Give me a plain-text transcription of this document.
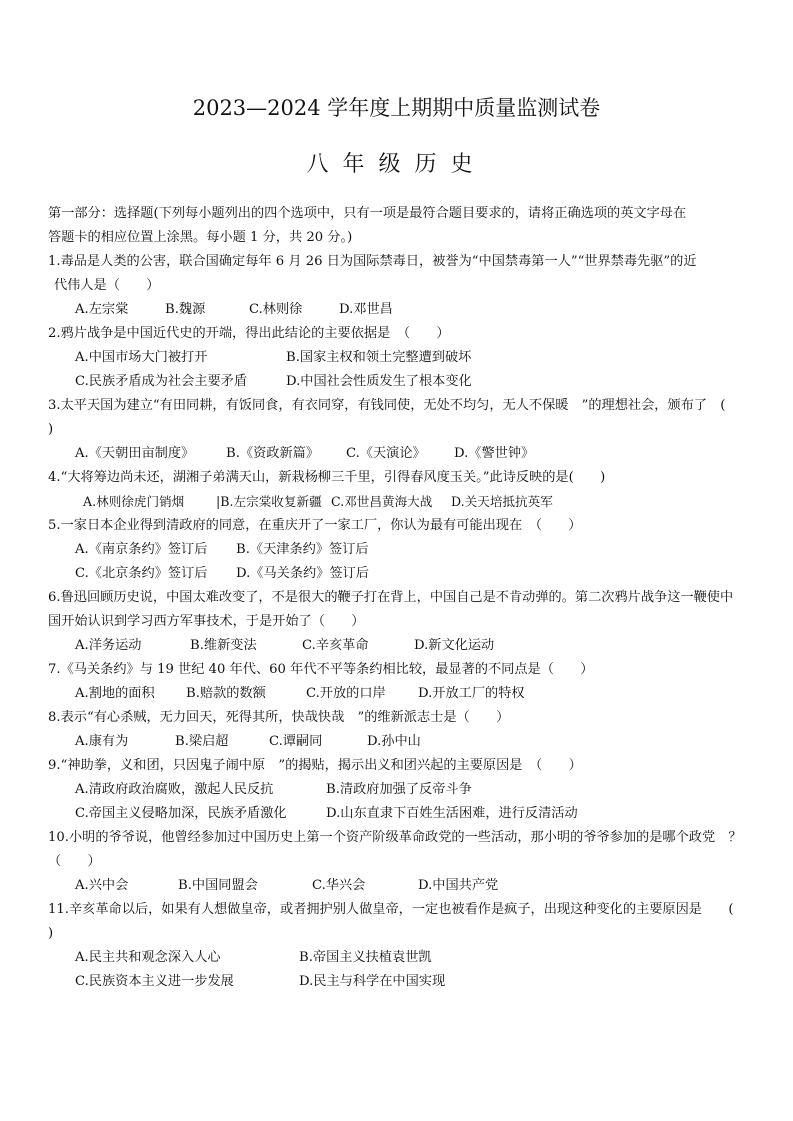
2023—2024 学年度上期期中质量监测试卷
八年级历史
第一部分：选择题(下列每小题列出的四个选项中，只有一项是最符合题目要求的，请将正确选项的英文字母在
答题卡的相应位置上涂黑。每小题 1 分，共 20 分。)
1.毒品是人类的公害，联合国确定每年 6 月 26 日为国际禁毒日，被誉为“中国禁毒第一人”“世界禁毒先驱”的近
代伟人是（　　）
A.左宗棠	B.魏源	C.林则徐	D.邓世昌
2.鸦片战争是中国近代史的开端，得出此结论的主要依据是　（　　）
A.中国市场大门被打开	B.国家主权和领土完整遭到破坏
C.民族矛盾成为社会主要矛盾	D.中国社会性质发生了根本变化
3.太平天国为建立“有田同耕，有饭同食，有衣同穿，有钱同使，无处不均匀，无人不保暖　”的理想社会，颁布了　(
)
A.《天朝田亩制度》	B.《资政新篇》	C.《天演论》	D.《警世钟》
4.“大将筹边尚未还，湖湘子弟满天山，新栽杨柳三千里，引得春风度玉关。”此诗反映的是(　　)
A.林则徐虎门销烟	|B.左宗棠收复新疆 C.邓世昌黄海大战	D.关天培抵抗英军
5.一家日本企业得到清政府的同意，在重庆开了一家工厂，你认为最有可能出现在　（　　）
A.《南京条约》签订后	B.《天津条约》签订后
C.《北京条约》签订后	D.《马关条约》签订后
6.鲁迅回顾历史说，中国太难改变了，不是很大的鞭子打在背上，中国自己是不肯动弹的。第二次鸦片战争这一鞭使中
国开始认识到学习西方军事技术，于是开始了（　　）
A.洋务运动	B.维新变法	C.辛亥革命	D.新文化运动
7.《马关条约》与 19 世纪 40 年代、60 年代不平等条约相比较，最显著的不同点是（　　）
A.割地的面积	B.赔款的数额	C.开放的口岸	D.开放工厂的特权
8.表示“有心杀贼，无力回天，死得其所，快哉快哉　”的维新派志士是（　　）
A.康有为	B.梁启超	C.谭嗣同	D.孙中山
9.“神助拳，义和团，只因鬼子闹中原　”的揭贴，揭示出义和团兴起的主要原因是　（　　）
A.清政府政治腐败，激起人民反抗	B.清政府加强了反帝斗争
C.帝国主义侵略加深，民族矛盾激化	D.山东直隶下百姓生活困难，进行反清活动
10.小明的爷爷说，他曾经参加过中国历史上第一个资产阶级革命政党的一些活动，那小明的爷爷参加的是哪个政党　？
（　　）
A.兴中会	B.中国同盟会	C.华兴会	D.中国共产党
11.辛亥革命以后，如果有人想做皇帝，或者拥护别人做皇帝，一定也被看作是疯子，出现这种变化的主要原因是　　(
)
A.民主共和观念深入人心	B.帝国主义扶植袁世凯
C.民族资本主义进一步发展	D.民主与科学在中国实现
